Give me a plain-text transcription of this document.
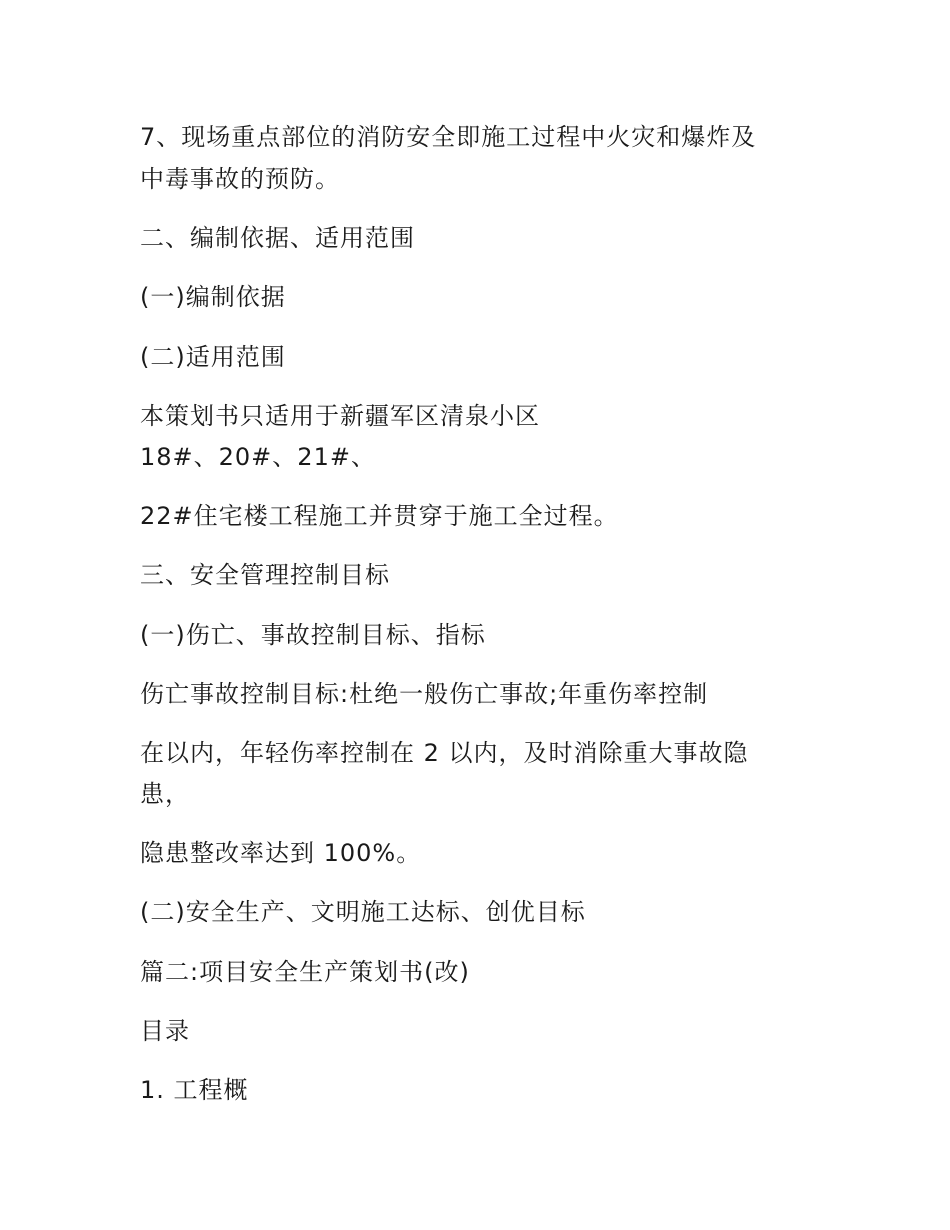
7、现场重点部位的消防安全即施工过程中火灾和爆炸及

中毒事故的预防。

二、编制依据、适用范围

(一)编制依据

(二)适用范围

本策划书只适用于新疆军区清泉小区

18#、20#、21#、

22#住宅楼工程施工并贯穿于施工全过程。

三、安全管理控制目标

(一)伤亡、事故控制目标、指标

伤亡事故控制目标:杜绝一般伤亡事故;年重伤率控制

在以内，年轻伤率控制在 2 以内，及时消除重大事故隐

患，

隐患整改率达到 100%。

(二)安全生产、文明施工达标、创优目标

篇二:项目安全生产策划书(改)

目录

1. 工程概
